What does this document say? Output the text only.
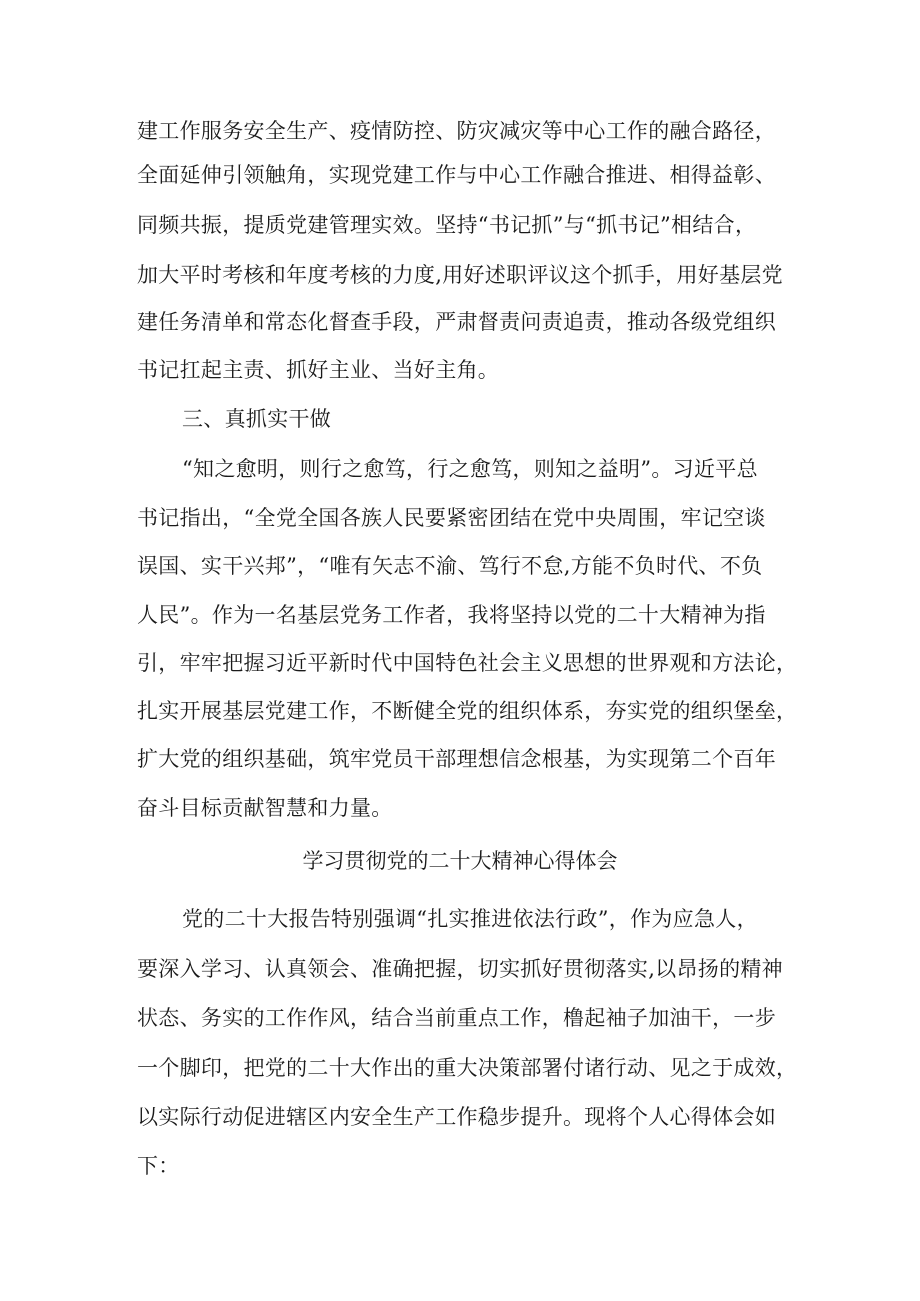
建工作服务安全生产、疫情防控、防灾减灾等中心工作的融合路径，
全面延伸引领触角，实现党建工作与中心工作融合推进、相得益彰、
同频共振，提质党建管理实效。坚持“书记抓”与“抓书记”相结合，
加大平时考核和年度考核的力度,用好述职评议这个抓手，用好基层党
建任务清单和常态化督查手段，严肃督责问责追责，推动各级党组织
书记扛起主责、抓好主业、当好主角。
三、真抓实干做
“知之愈明，则行之愈笃，行之愈笃，则知之益明”。习近平总
书记指出，“全党全国各族人民要紧密团结在党中央周围，牢记空谈
误国、实干兴邦”，“唯有矢志不渝、笃行不怠,方能不负时代、不负
人民”。作为一名基层党务工作者，我将坚持以党的二十大精神为指
引，牢牢把握习近平新时代中国特色社会主义思想的世界观和方法论，
扎实开展基层党建工作，不断健全党的组织体系，夯实党的组织堡垒，
扩大党的组织基础，筑牢党员干部理想信念根基，为实现第二个百年
奋斗目标贡献智慧和力量。
学习贯彻党的二十大精神心得体会
党的二十大报告特别强调“扎实推进依法行政”，作为应急人，
要深入学习、认真领会、准确把握，切实抓好贯彻落实,以昂扬的精神
状态、务实的工作作风，结合当前重点工作，橹起袖子加油干，一步
一个脚印，把党的二十大作出的重大决策部署付诸行动、见之于成效，
以实际行动促进辖区内安全生产工作稳步提升。现将个人心得体会如
下：
